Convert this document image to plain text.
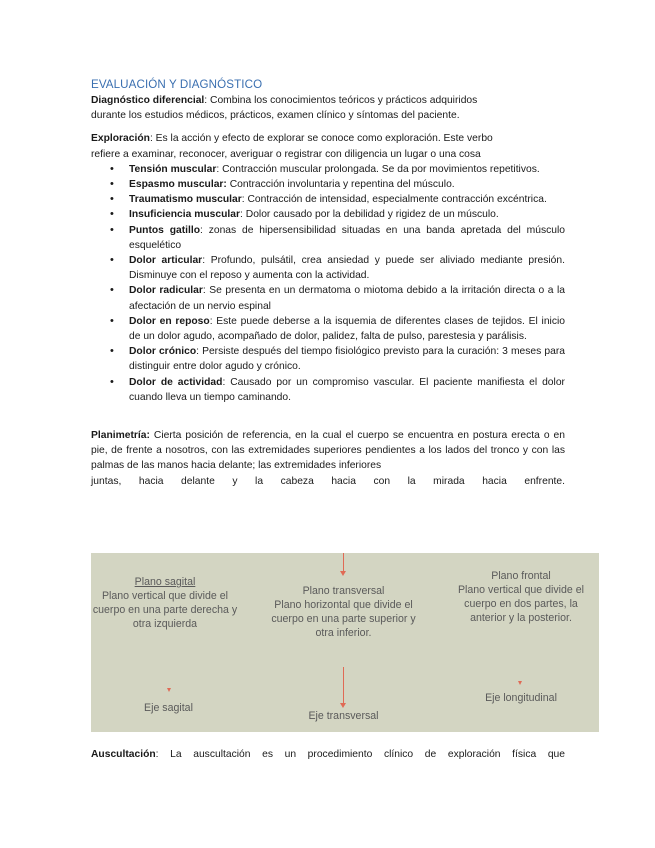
EVALUACIÓN Y DIAGNÓSTICO

Diagnóstico diferencial: Combina los conocimientos teóricos y prácticos adquiridos
durante los estudios médicos, prácticos, examen clínico y síntomas del paciente.

Exploración: Es la acción y efecto de explorar se conoce como exploración. Este verbo
refiere a examinar, reconocer, averiguar o registrar con diligencia un lugar o una cosa

• Tensión muscular: Contracción muscular prolongada. Se da por movimientos repetitivos.
• Espasmo muscular: Contracción involuntaria y repentina del músculo.
• Traumatismo muscular: Contracción de intensidad, especialmente contracción excéntrica.
• Insuficiencia muscular: Dolor causado por la debilidad y rigidez de un músculo.
• Puntos gatillo: zonas de hipersensibilidad situadas en una banda apretada del músculo esquelético
• Dolor articular: Profundo, pulsátil, crea ansiedad y puede ser aliviado mediante presión. Disminuye con el reposo y aumenta con la actividad.
• Dolor radicular: Se presenta en un dermatoma o miotoma debido a la irritación directa o a la afectación de un nervio espinal
• Dolor en reposo: Este puede deberse a la isquemia de diferentes clases de tejidos. El inicio de un dolor agudo, acompañado de dolor, palidez, falta de pulso, parestesia y parálisis.
• Dolor crónico: Persiste después del tiempo fisiológico previsto para la curación: 3 meses para distinguir entre dolor agudo y crónico.
• Dolor de actividad: Causado por un compromiso vascular. El paciente manifiesta el dolor cuando lleva un tiempo caminando.

Planimetría: Cierta posición de referencia, en la cual el cuerpo se encuentra en postura erecta o en pie, de frente a nosotros, con las extremidades superiores pendientes a los lados del tronco y con las palmas de las manos hacia delante; las extremidades inferiores

juntas, hacia delante y la cabeza hacia con la mirada hacia enfrente.

Plano sagital
Plano vertical que divide el cuerpo en una parte derecha y otra izquierda
Plano transversal
Plano horizontal que divide el cuerpo en una parte superior y otra inferior.
Plano frontal
Plano vertical que divide el cuerpo en dos partes, la anterior y la posterior.
Eje sagital
Eje transversal
Eje longitudinal

Auscultación: La auscultación es un procedimiento clínico de exploración física que
